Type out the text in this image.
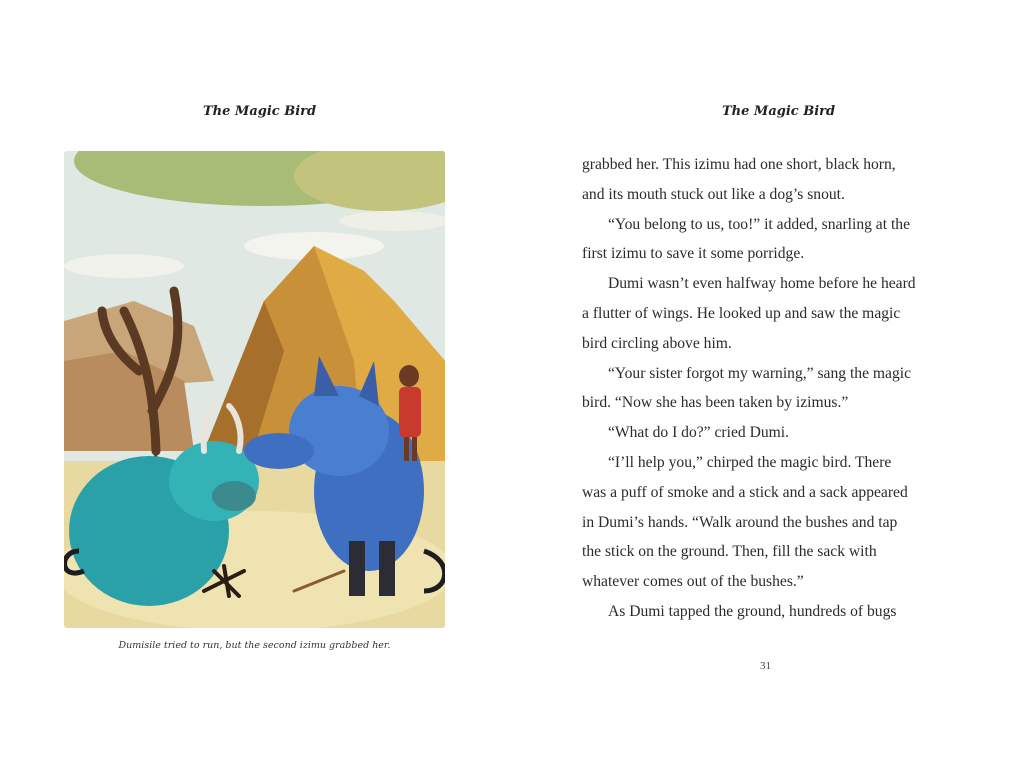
The Magic Bird
Dumisile tried to run, but the second izimu grabbed her.
The Magic Bird
grabbed her. This izimu had one short, black horn,
and its mouth stuck out like a dog’s snout.
“You belong to us, too!” it added, snarling at the
first izimu to save it some porridge.
Dumi wasn’t even halfway home before he heard
a flutter of wings. He looked up and saw the magic
bird circling above him.
“Your sister forgot my warning,” sang the magic
bird. “Now she has been taken by izimus.”
“What do I do?” cried Dumi.
“I’ll help you,” chirped the magic bird. There
was a puff of smoke and a stick and a sack appeared
in Dumi’s hands. “Walk around the bushes and tap
the stick on the ground. Then, fill the sack with
whatever comes out of the bushes.”
As Dumi tapped the ground, hundreds of bugs
31
